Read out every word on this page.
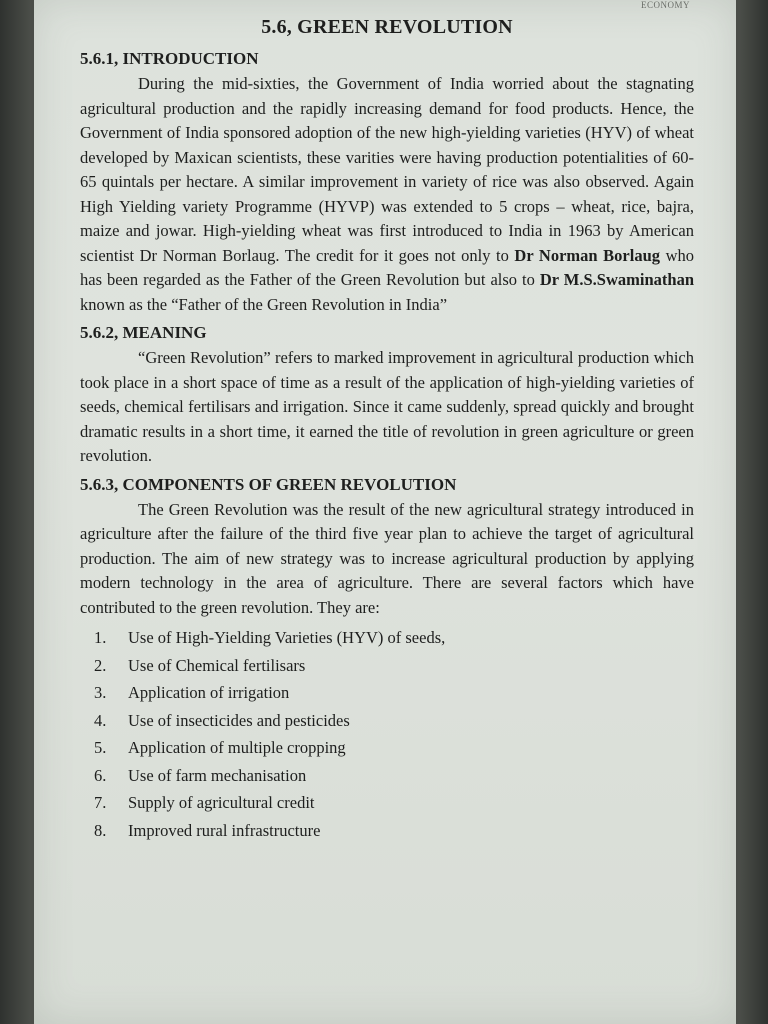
ECONOMY
5.6, GREEN REVOLUTION
5.6.1, INTRODUCTION

During the mid-sixties, the Government of India worried about the stagnating agricultural production and the rapidly increasing demand for food products. Hence, the Government of India sponsored adoption of the new high-yielding varieties (HYV) of wheat developed by Maxican scientists, these varities were having production potentialities of 60-65 quintals per hectare. A similar improvement in variety of rice was also observed. Again High Yielding variety Programme (HYVP) was extended to 5 crops – wheat, rice, bajra, maize and jowar. High-yielding wheat was first introduced to India in 1963 by American scientist Dr Norman Borlaug. The credit for it goes not only to Dr Norman Borlaug who has been regarded as the Father of the Green Revolution but also to Dr M.S.Swaminathan known as the “Father of the Green Revolution in India”

5.6.2, MEANING

“Green Revolution” refers to marked improvement in agricultural production which took place in a short space of time as a result of the application of high-yielding varieties of seeds, chemical fertilisars and irrigation. Since it came suddenly, spread quickly and brought dramatic results in a short time, it earned the title of revolution in green agriculture or green revolution.

5.6.3, COMPONENTS OF GREEN REVOLUTION

The Green Revolution was the result of the new agricultural strategy introduced in agriculture after the failure of the third five year plan to achieve the target of agricultural production. The aim of new strategy was to increase agricultural production by applying modern technology in the area of agriculture. There are several factors which have contributed to the green revolution. They are:

1.	Use of High-Yielding Varieties (HYV) of seeds,
2.	Use of Chemical fertilisars
3.	Application of irrigation
4.	Use of insecticides and pesticides
5.	Application of multiple cropping
6.	Use of farm mechanisation
7.	Supply of agricultural credit
8.	Improved rural infrastructure
